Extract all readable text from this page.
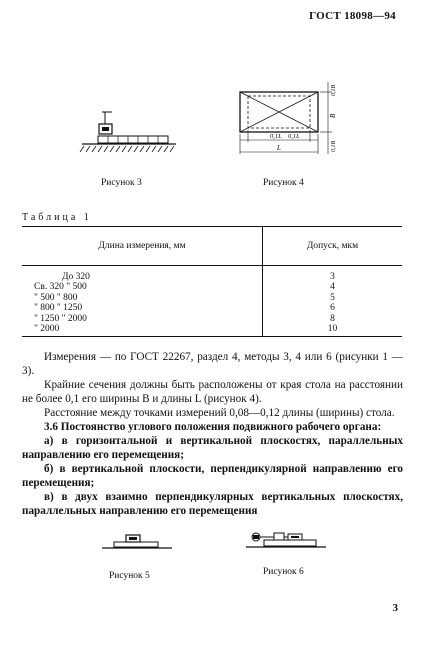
ГОСТ 18098—94
Рисунок 3
0,1L 0,1L
L
0,1В
В
0,1В
Рисунок 4
Таблица 1
Длина измерения, мм	Допуск, мкм
До 320	3
Св. 320 " 500	4
" 500 " 800	5
" 800 " 1250	6
" 1250 " 2000	8
" 2000	10

Измерения — по ГОСТ 22267, раздел 4, методы 3, 4 или 6 (рисунки 1 — 3).

Крайние сечения должны быть расположены от края стола на расстоянии не более 0,1 его ширины B и длины L (рисунок 4).

Расстояние между точками измерений 0,08—0,12 длины (ширины) стола.

3.6 Постоянство углового положения подвижного рабочего органа:

а) в горизонтальной и вертикальной плоскостях, параллельных направлению его перемещения;

б) в вертикальной плоскости, перпендикулярной направлению его перемещения;

в) в двух взаимно перпендикулярных вертикальных плоскостях, параллельных направлению его перемещения

Рисунок 5	Рисунок 6
3
